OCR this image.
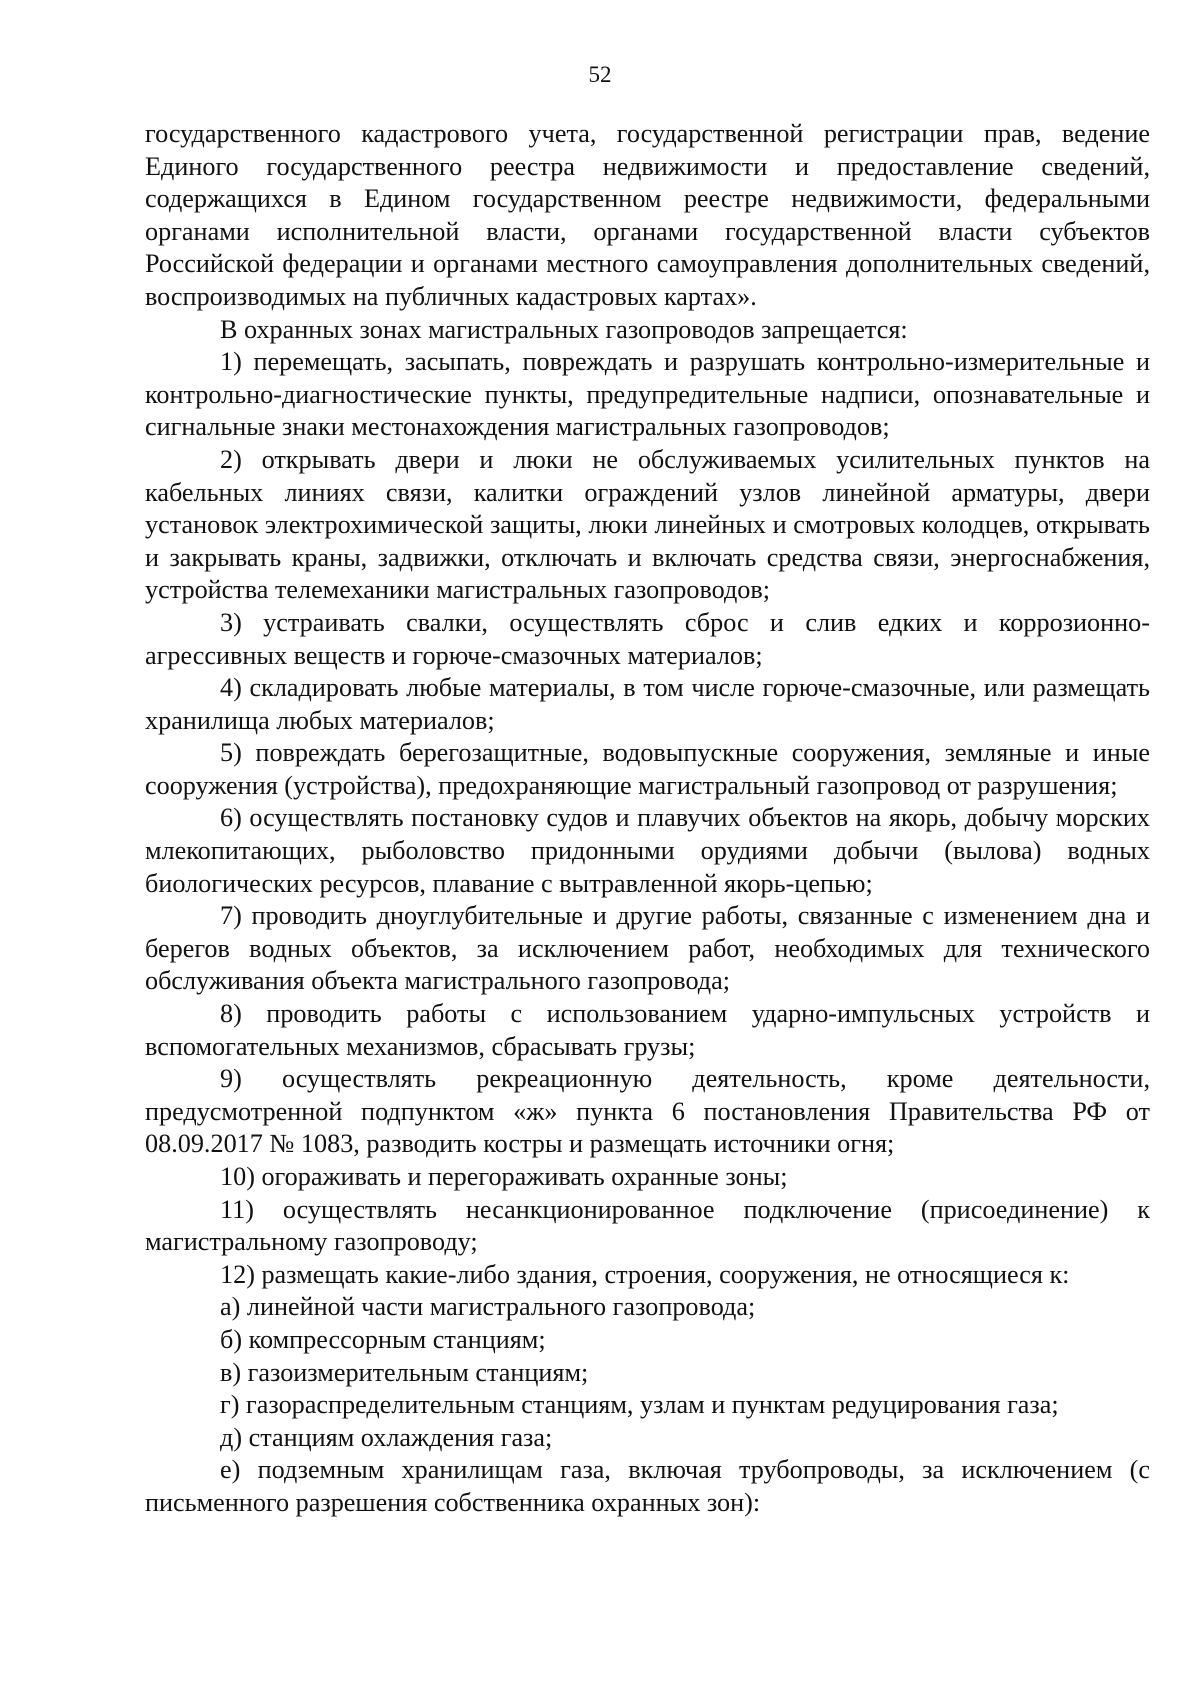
52

государственного кадастрового учета, государственной регистрации прав, ведение Единого государственного реестра недвижимости и предоставление сведений, содержащихся в Едином государственном реестре недвижимости, федеральными органами исполнительной власти, органами государственной власти субъектов Российской федерации и органами местного самоуправления дополнительных сведений, воспроизводимых на публичных кадастровых картах».

В охранных зонах магистральных газопроводов запрещается:

1) перемещать, засыпать, повреждать и разрушать контрольно-измерительные и контрольно-диагностические пункты, предупредительные надписи, опознавательные и сигнальные знаки местонахождения магистральных газопроводов;

2) открывать двери и люки не обслуживаемых усилительных пунктов на кабельных линиях связи, калитки ограждений узлов линейной арматуры, двери установок электрохимической защиты, люки линейных и смотровых колодцев, открывать и закрывать краны, задвижки, отключать и включать средства связи, энергоснабжения, устройства телемеханики магистральных газопроводов;

3) устраивать свалки, осуществлять сброс и слив едких и коррозионно-агрессивных веществ и горюче-смазочных материалов;

4) складировать любые материалы, в том числе горюче-смазочные, или размещать хранилища любых материалов;

5) повреждать берегозащитные, водовыпускные сооружения, земляные и иные сооружения (устройства), предохраняющие магистральный газопровод от разрушения;

6) осуществлять постановку судов и плавучих объектов на якорь, добычу морских млекопитающих, рыболовство придонными орудиями добычи (вылова) водных биологических ресурсов, плавание с вытравленной якорь-цепью;

7) проводить дноуглубительные и другие работы, связанные с изменением дна и берегов водных объектов, за исключением работ, необходимых для технического обслуживания объекта магистрального газопровода;

8) проводить работы с использованием ударно-импульсных устройств и вспомогательных механизмов, сбрасывать грузы;

9) осуществлять рекреационную деятельность, кроме деятельности, предусмотренной подпунктом «ж» пункта 6 постановления Правительства РФ от 08.09.2017 № 1083, разводить костры и размещать источники огня;

10) огораживать и перегораживать охранные зоны;

11) осуществлять несанкционированное подключение (присоединение) к магистральному газопроводу;

12) размещать какие-либо здания, строения, сооружения, не относящиеся к:

а) линейной части магистрального газопровода;

б) компрессорным станциям;

в) газоизмерительным станциям;

г) газораспределительным станциям, узлам и пунктам редуцирования газа;

д) станциям охлаждения газа;

е) подземным хранилищам газа, включая трубопроводы, за исключением (с письменного разрешения собственника охранных зон):
